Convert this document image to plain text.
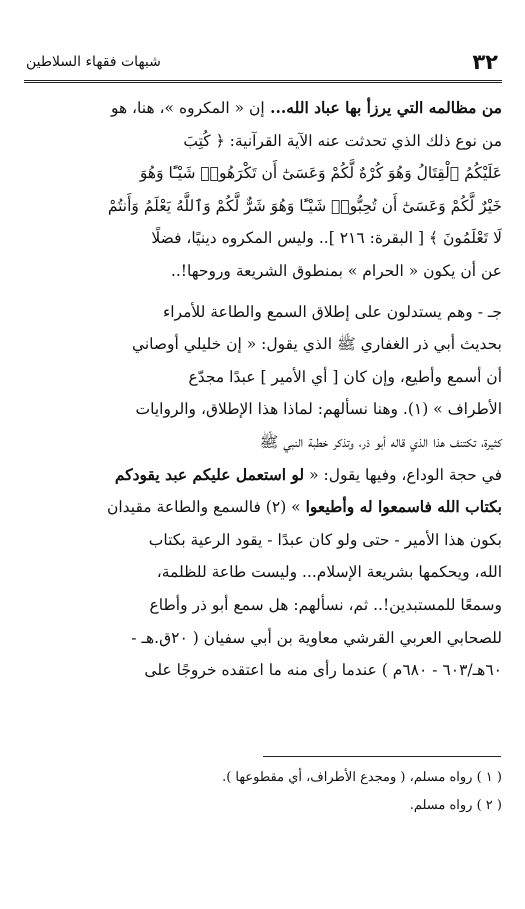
٣٢
شبهات فقهاء السلاطين
من مظالمه التي يرزأ بها عباد الله... إن « المكروه »، هنا، هو
من نوع ذلك الذي تحدثت عنه الآية القرآنية: ﴿ كُتِبَ
عَلَيْكُمُ ٱلْقِتَالُ وَهُوَ كُرْهٌ لَّكُمْ وَعَسَىٰٓ أَن تَكْرَهُوا۟ شَيْـًٔا وَهُوَ
خَيْرٌ لَّكُمْ وَعَسَىٰٓ أَن تُحِبُّوا۟ شَيْـًٔا وَهُوَ شَرٌّ لَّكُمْ وَٱللَّهُ يَعْلَمُ وَأَنتُمْ
لَا تَعْلَمُونَ ﴾ [ البقرة: ٢١٦ ].. وليس المكروه دينيًا، فضلًا
عن أن يكون « الحرام » بمنطوق الشريعة وروحها!..
جـ - وهم يستدلون على إطلاق السمع والطاعة للأمراء
بحديث أبي ذر الغفاري ﷺ الذي يقول: « إن خليلي أوصاني
أن أسمع وأطيع، وإن كان [ أي الأمير ] عبدًا مجدّع
الأطراف » (١). وهنا نسألهم: لماذا هذا الإطلاق، والروايات
كثيرة، تكتنف هذا الذي قاله أبو ذر، وتذكر خطبة النبي ﷺ
في حجة الوداع، وفيها يقول: « لو استعمل عليكم عبد يقودكم
بكتاب الله فاسمعوا له وأطيعوا » (٢) فالسمع والطاعة مقيدان
بكون هذا الأمير - حتى ولو كان عبدًا - يقود الرعية بكتاب
الله، ويحكمها بشريعة الإسلام... وليست طاعة للظلمة،
وسمعًا للمستبدين!.. ثم، نسألهم: هل سمع أبو ذر وأطاع
للصحابي العربي القرشي معاوية بن أبي سفيان ( ٢٠ق.هـ -
٦٠هـ/٦٠٣ - ٦٨٠م ) عندما رأى منه ما اعتقده خروجًا على
( ١ ) رواه مسلم، ( ومجدع الأطراف، أي مقطوعها ).
( ٢ ) رواه مسلم.
